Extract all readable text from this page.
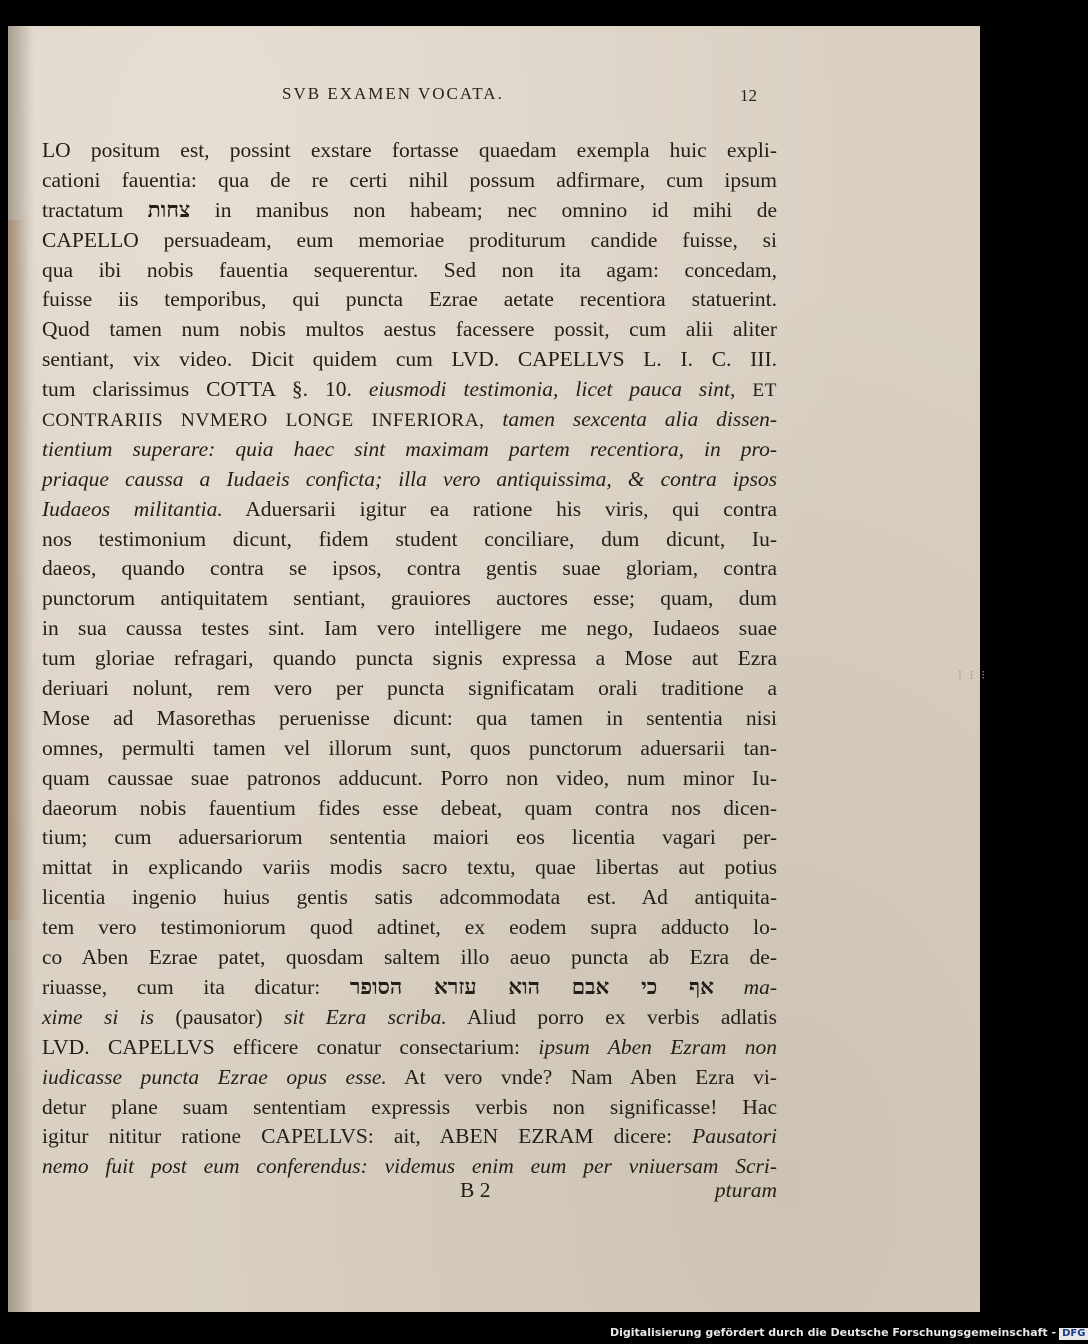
SVB EXAMEN VOCATA.	12
LO positum est, possint exstare fortasse quaedam exempla huic expli-
cationi fauentia: qua de re certi nihil possum adfirmare, cum ipsum
tractatum צחות in manibus non habeam; nec omnino id mihi de
CAPELLO persuadeam, eum memoriae proditurum candide fuisse, si
qua ibi nobis fauentia sequerentur. Sed non ita agam: concedam,
fuisse iis temporibus, qui puncta Ezrae aetate recentiora statuerint.
Quod tamen num nobis multos aestus facessere possit, cum alii aliter
sentiant, vix video. Dicit quidem cum LVD. CAPELLVS L. I. C. III.
tum clarissimus COTTA §. 10. eiusmodi testimonia, licet pauca sint, ET
CONTRARIIS NVMERO LONGE INFERIORA, tamen sexcenta alia dissen-
tientium superare: quia haec sint maximam partem recentiora, in pro-
priaque caussa a Iudaeis conficta; illa vero antiquissima, & contra ipsos
Iudaeos militantia. Aduersarii igitur ea ratione his viris, qui contra
nos testimonium dicunt, fidem student conciliare, dum dicunt, Iu-
daeos, quando contra se ipsos, contra gentis suae gloriam, contra
punctorum antiquitatem sentiant, grauiores auctores esse; quam, dum
in sua caussa testes sint. Iam vero intelligere me nego, Iudaeos suae
tum gloriae refragari, quando puncta signis expressa a Mose aut Ezra
deriuari nolunt, rem vero per puncta significatam orali traditione a
Mose ad Masorethas peruenisse dicunt: qua tamen in sententia nisi
omnes, permulti tamen vel illorum sunt, quos punctorum aduersarii tan-
quam caussae suae patronos adducunt. Porro non video, num minor Iu-
daeorum nobis fauentium fides esse debeat, quam contra nos dicen-
tium; cum aduersariorum sententia maiori eos licentia vagari per-
mittat in explicando variis modis sacro textu, quae libertas aut potius
licentia ingenio huius gentis satis adcommodata est. Ad antiquita-
tem vero testimoniorum quod adtinet, ex eodem supra adducto lo-
co Aben Ezrae patet, quosdam saltem illo aeuo puncta ab Ezra de-
riuasse, cum ita dicatur: אף כי אבם הוא עזרא הסופר ma-
xime si is (pausator) sit Ezra scriba. Aliud porro ex verbis adlatis
LVD. CAPELLVS efficere conatur consectarium: ipsum Aben Ezram non
iudicasse puncta Ezrae opus esse. At vero vnde? Nam Aben Ezra vi-
detur plane suam sententiam expressis verbis non significasse! Hac
igitur nititur ratione CAPELLVS: ait, ABEN EZRAM dicere: Pausatori
nemo fuit post eum conferendus: videmus enim eum per vniuersam Scri-
B 2	pturam
⁝ ⁝ ⁝
Digitalisierung gefördert durch die Deutsche Forschungsgemeinschaft - DFG
